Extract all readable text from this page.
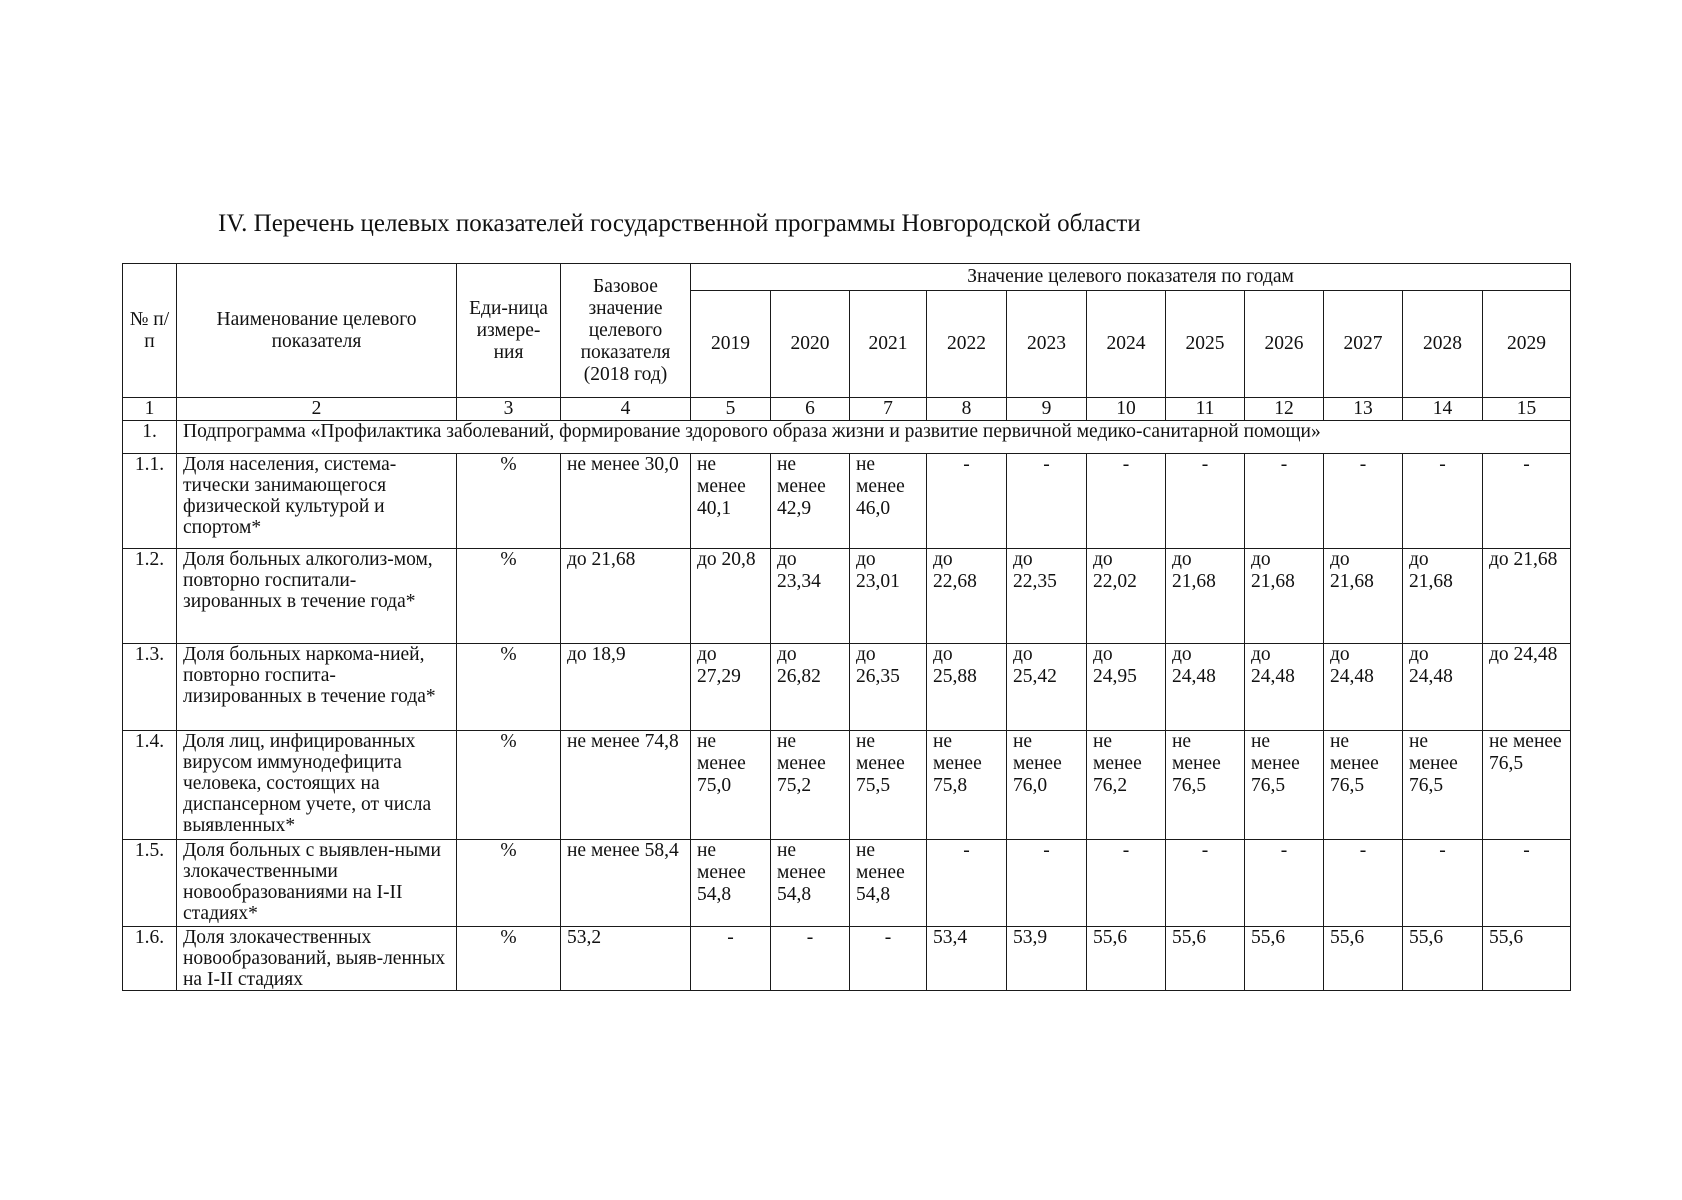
IV. Перечень целевых показателей государственной программы Новгородской области
№ п/п	Наименование целевого показателя	Еди-ница измере-ния	Базовое значение целевого показателя (2018 год)	Значение целевого показателя по годам										
				2019	2020	2021	2022	2023	2024	2025	2026	2027	2028	2029
1	2	3	4	5	6	7	8	9	10	11	12	13	14	15
1.	Подпрограмма «Профилактика заболеваний, формирование здорового образа жизни и развитие первичной медико-санитарной помощи»													
1.1.	Доля населения, система-тически занимающегося физической культурой и спортом*	%	не менее 30,0	не менее 40,1	не менее 42,9	не менее 46,0	-	-	-	-	-	-	-	-
1.2.	Доля больных алкоголиз-мом, повторно госпитали-зированных в течение года*	%	до 21,68	до 20,8	до 23,34	до 23,01	до 22,68	до 22,35	до 22,02	до 21,68	до 21,68	до 21,68	до 21,68	до 21,68
1.3.	Доля больных наркома-нией, повторно госпита-лизированных в течение года*	%	до 18,9	до 27,29	до 26,82	до 26,35	до 25,88	до 25,42	до 24,95	до 24,48	до 24,48	до 24,48	до 24,48	до 24,48
1.4.	Доля лиц, инфицированных вирусом иммунодефицита человека, состоящих на диспансерном учете, от числа выявленных*	%	не менее 74,8	не менее 75,0	не менее 75,2	не менее 75,5	не менее 75,8	не менее 76,0	не менее 76,2	не менее 76,5	не менее 76,5	не менее 76,5	не менее 76,5	не менее 76,5
1.5.	Доля больных с выявлен-ными злокачественными новообразованиями на I-II стадиях*	%	не менее 58,4	не менее 54,8	не менее 54,8	не менее 54,8	-	-	-	-	-	-	-	-
1.6.	Доля злокачественных новообразований, выяв-ленных на I-II стадиях	%	53,2	-	-	-	53,4	53,9	55,6	55,6	55,6	55,6	55,6	55,6
